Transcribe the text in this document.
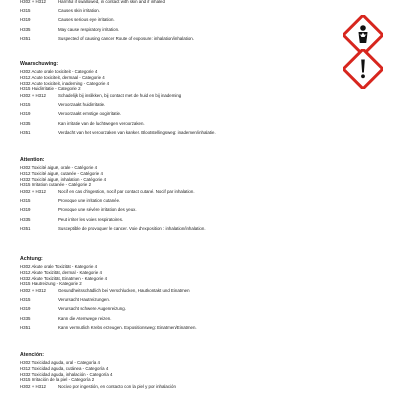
H302 + H312	Harmful if swallowed, in contact with skin and if inhaled
H315	Causes skin irritation.
H319	Causes serious eye irritation.
H335	May cause respiratory irritation.
H351	Suspected of causing cancer Route of exposure: inhalation/inhalation.
Waarschuwing:
H302 Acute orale toxiciteit - Categorie 4
H312 Acute toxiciteit, dermaal - Categorie 4
H332 Acute toxiciteit, inademing - Categorie 4
H315 Huidirritatie - Categorie 2
H302 + H312	Schadelijk bij inslikken, bij contact met de huid en bij inademing
H315	Veroorzaakt huidirritatie.
H319	Veroorzaakt ernstige oogirritatie.
H335	Kan irritatie van de luchtwegen veroorzaken.
H351	Verdacht van het veroorzaken van kanker. Blootstellingsweg: inademen/inhalatie.
Attention:
H302 Toxicité aiguë, orale - Catégorie 4
H312 Toxicité aiguë, cutanée - Catégorie 4
H332 Toxicité aiguë, inhalation - Catégorie 4
H315 Irritation cutanée - Catégorie 2
H302 + H312	Nocif en cas d'ingestion, nocif par contact cutané. Nocif par inhalation.
H315	Provoque une irritation cutanée.
H319	Provoque une sévère irritation des yeux.
H335	Peut irriter les voies respiratoires.
H351	Susceptible de provoquer le cancer. Voie d'exposition : inhalation/inhalation.
Achtung:
H302 Akute orale Toxizität - Kategorie 4
H312 Akute Toxizität, dermal - Kategorie 4
H332 Akute Toxizität, Einatmen - Kategorie 4
H315 Hautreizung - Kategorie 2
H302 + H312	Gesundheitsschädlich bei Verschlucken, Hautkontakt und Einatmen
H315	Verursacht Hautreizungen.
H319	Verursacht schwere Augenreizung.
H335	Kann die Atemwege reizen.
H351	Kann vermutlich Krebs erzeugen. Expositionsweg: Einatmen/Einatmen.
Atención:
H302 Toxicidad aguda, oral - Categoría 4
H312 Toxicidad aguda, cutánea - Categoría 4
H332 Toxicidad aguda, inhalación - Categoría 4
H315 Irritación de la piel - Categoría 2
H302 + H312	Nocivo por ingestión, en contacto con la piel y por inhalación
